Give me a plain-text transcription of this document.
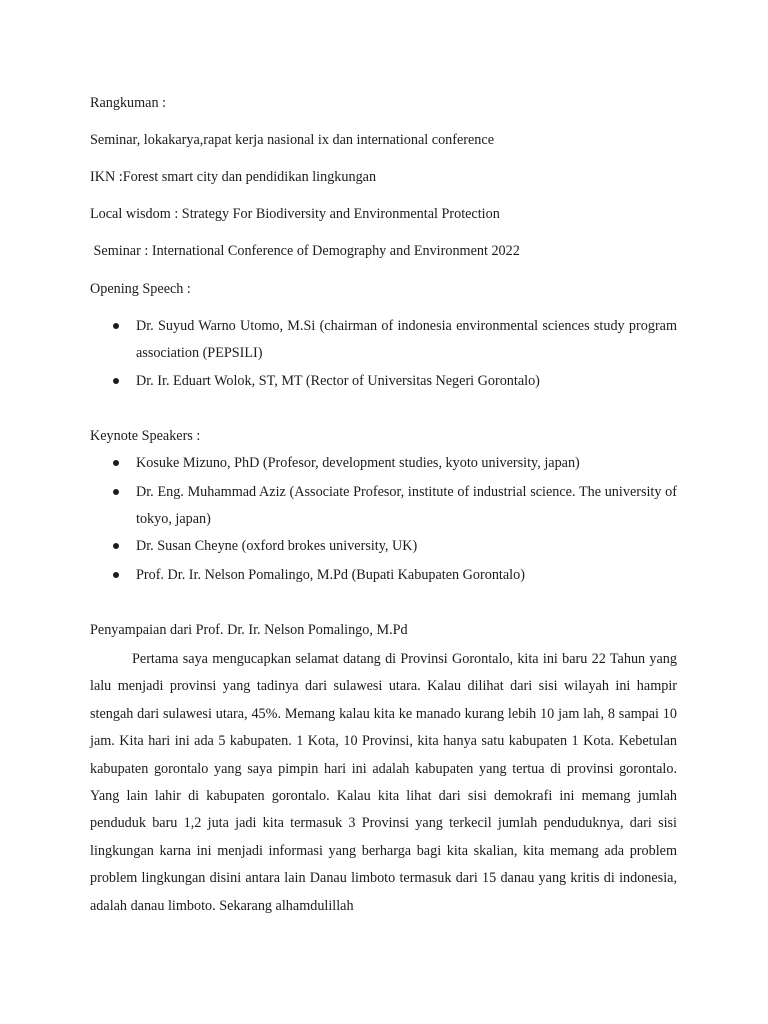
Rangkuman :
Seminar, lokakarya,rapat kerja nasional ix dan international conference
IKN :Forest smart city dan pendidikan lingkungan
Local wisdom : Strategy For Biodiversity and Environmental Protection
Seminar : International Conference of Demography and Environment 2022
Opening Speech :
Dr. Suyud Warno Utomo, M.Si (chairman of indonesia environmental sciences study program association (PEPSILI)
Dr. Ir. Eduart Wolok, ST, MT (Rector of Universitas Negeri Gorontalo)
Keynote Speakers :
Kosuke Mizuno, PhD (Profesor, development studies, kyoto university, japan)
Dr. Eng. Muhammad Aziz (Associate Profesor, institute of industrial science. The university of tokyo, japan)
Dr. Susan Cheyne (oxford brokes university, UK)
Prof. Dr. Ir. Nelson Pomalingo, M.Pd (Bupati Kabupaten Gorontalo)
Penyampaian dari Prof. Dr. Ir. Nelson Pomalingo, M.Pd

Pertama saya mengucapkan selamat datang di Provinsi Gorontalo, kita ini baru 22 Tahun yang lalu menjadi provinsi yang tadinya dari sulawesi utara. Kalau dilihat dari sisi wilayah ini hampir stengah dari sulawesi utara, 45%. Memang kalau kita ke manado kurang lebih 10 jam lah, 8 sampai 10 jam. Kita hari ini ada 5 kabupaten. 1 Kota, 10 Provinsi, kita hanya satu kabupaten 1 Kota. Kebetulan kabupaten gorontalo yang saya pimpin hari ini adalah kabupaten yang tertua di provinsi gorontalo. Yang lain lahir di kabupaten gorontalo. Kalau kita lihat dari sisi demokrafi ini memang jumlah penduduk baru 1,2 juta jadi kita termasuk 3 Provinsi yang terkecil jumlah penduduknya, dari sisi lingkungan karna ini menjadi informasi yang berharga bagi kita skalian, kita memang ada problem problem lingkungan disini antara lain Danau limboto termasuk dari 15 danau yang kritis di indonesia, adalah danau limboto. Sekarang alhamdulillah
